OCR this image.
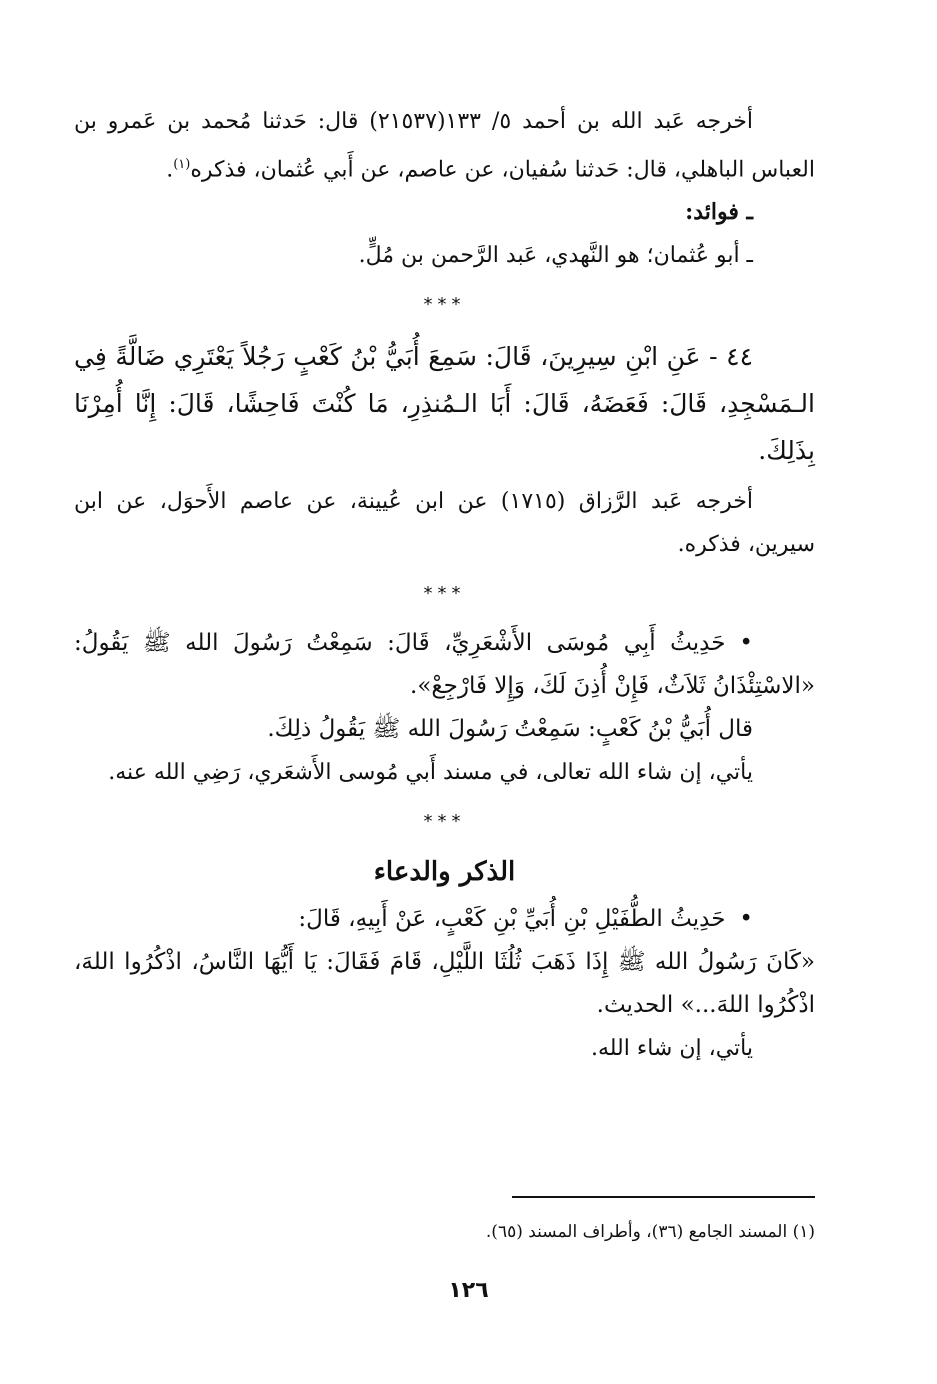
أخرجه عَبد الله بن أحمد ٥/ ١٣٣(٢١٥٣٧) قال: حَدثنا مُحمد بن عَمرو بن العباس الباهلي، قال: حَدثنا سُفيان، عن عاصم، عن أَبي عُثمان، فذكره$^{(١)}$.

ـ فوائد:

ـ أبو عُثمان؛ هو النَّهدي، عَبد الرَّحمن بن مُلٍّ.

***

٤٤ - عَنِ ابْنِ سِيرِينَ، قَالَ: سَمِعَ أُبَيُّ بْنُ كَعْبٍ رَجُلاً يَعْتَرِي ضَالَّةً فِي الـمَسْجِدِ، قَالَ: فَعَضَهُ، قَالَ: أَبَا الـمُنذِرِ، مَا كُنْتَ فَاحِشًا، قَالَ: إِنَّا أُمِرْنَا بِذَلِكَ.

أخرجه عَبد الرَّزاق (١٧١٥) عن ابن عُيينة، عن عاصم الأَحوَل، عن ابن سيرين، فذكره.

***

•حَدِيثُ أَبِي مُوسَى الأَشْعَرِيِّ، قَالَ: سَمِعْتُ رَسُولَ الله ﷺ يَقُولُ: «الاسْتِئْذَانُ ثَلاَثٌ، فَإِنْ أُذِنَ لَكَ، وَإِلا فَارْجِعْ».

قال أُبَيُّ بْنُ كَعْبٍ: سَمِعْتُ رَسُولَ الله ﷺ يَقُولُ ذلِكَ.

يأتي، إن شاء الله تعالى، في مسند أَبي مُوسى الأَشعَري، رَضِي الله عنه.

***
الذكر والدعاء

•حَدِيثُ الطُّفَيْلِ بْنِ أُبَيِّ بْنِ كَعْبٍ، عَنْ أَبِيهِ، قَالَ:

«كَانَ رَسُولُ الله ﷺ إِذَا ذَهَبَ ثُلُثَا اللَّيْلِ، قَامَ فَقَالَ: يَا أَيُّهَا النَّاسُ، اذْكُرُوا اللهَ، اذْكُرُوا اللهَ...» الحديث.

يأتي، إن شاء الله.

(١) المسند الجامع (٣٦)، وأطراف المسند (٦٥).
١٢٦
